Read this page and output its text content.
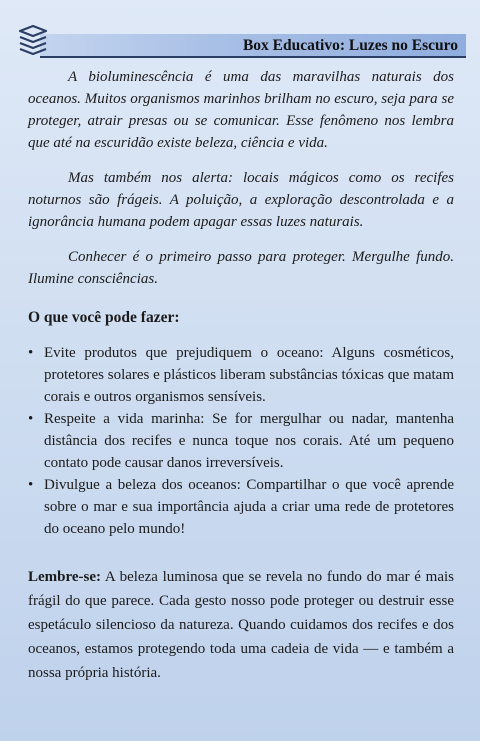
Box Educativo: Luzes no Escuro

A bioluminescência é uma das maravilhas naturais dos oceanos. Muitos organismos marinhos brilham no escuro, seja para se proteger, atrair presas ou se comunicar. Esse fenômeno nos lembra que até na escuridão existe beleza, ciência e vida.

Mas também nos alerta: locais mágicos como os recifes noturnos são frágeis. A poluição, a exploração descontrolada e a ignorância humana podem apagar essas luzes naturais.

Conhecer é o primeiro passo para proteger. Mergulhe fundo. Ilumine consciências.

O que você pode fazer:
• Evite produtos que prejudiquem o oceano: Alguns cosméticos, protetores solares e plásticos liberam substâncias tóxicas que matam corais e outros organismos sensíveis.
• Respeite a vida marinha: Se for mergulhar ou nadar, mantenha distância dos recifes e nunca toque nos corais. Até um pequeno contato pode causar danos irreversíveis.
• Divulgue a beleza dos oceanos: Compartilhar o que você aprende sobre o mar e sua importância ajuda a criar uma rede de protetores do oceano pelo mundo!

Lembre-se: A beleza luminosa que se revela no fundo do mar é mais frágil do que parece. Cada gesto nosso pode proteger ou destruir esse espetáculo silencioso da natureza. Quando cuidamos dos recifes e dos oceanos, estamos protegendo toda uma cadeia de vida — e também a nossa própria história.
